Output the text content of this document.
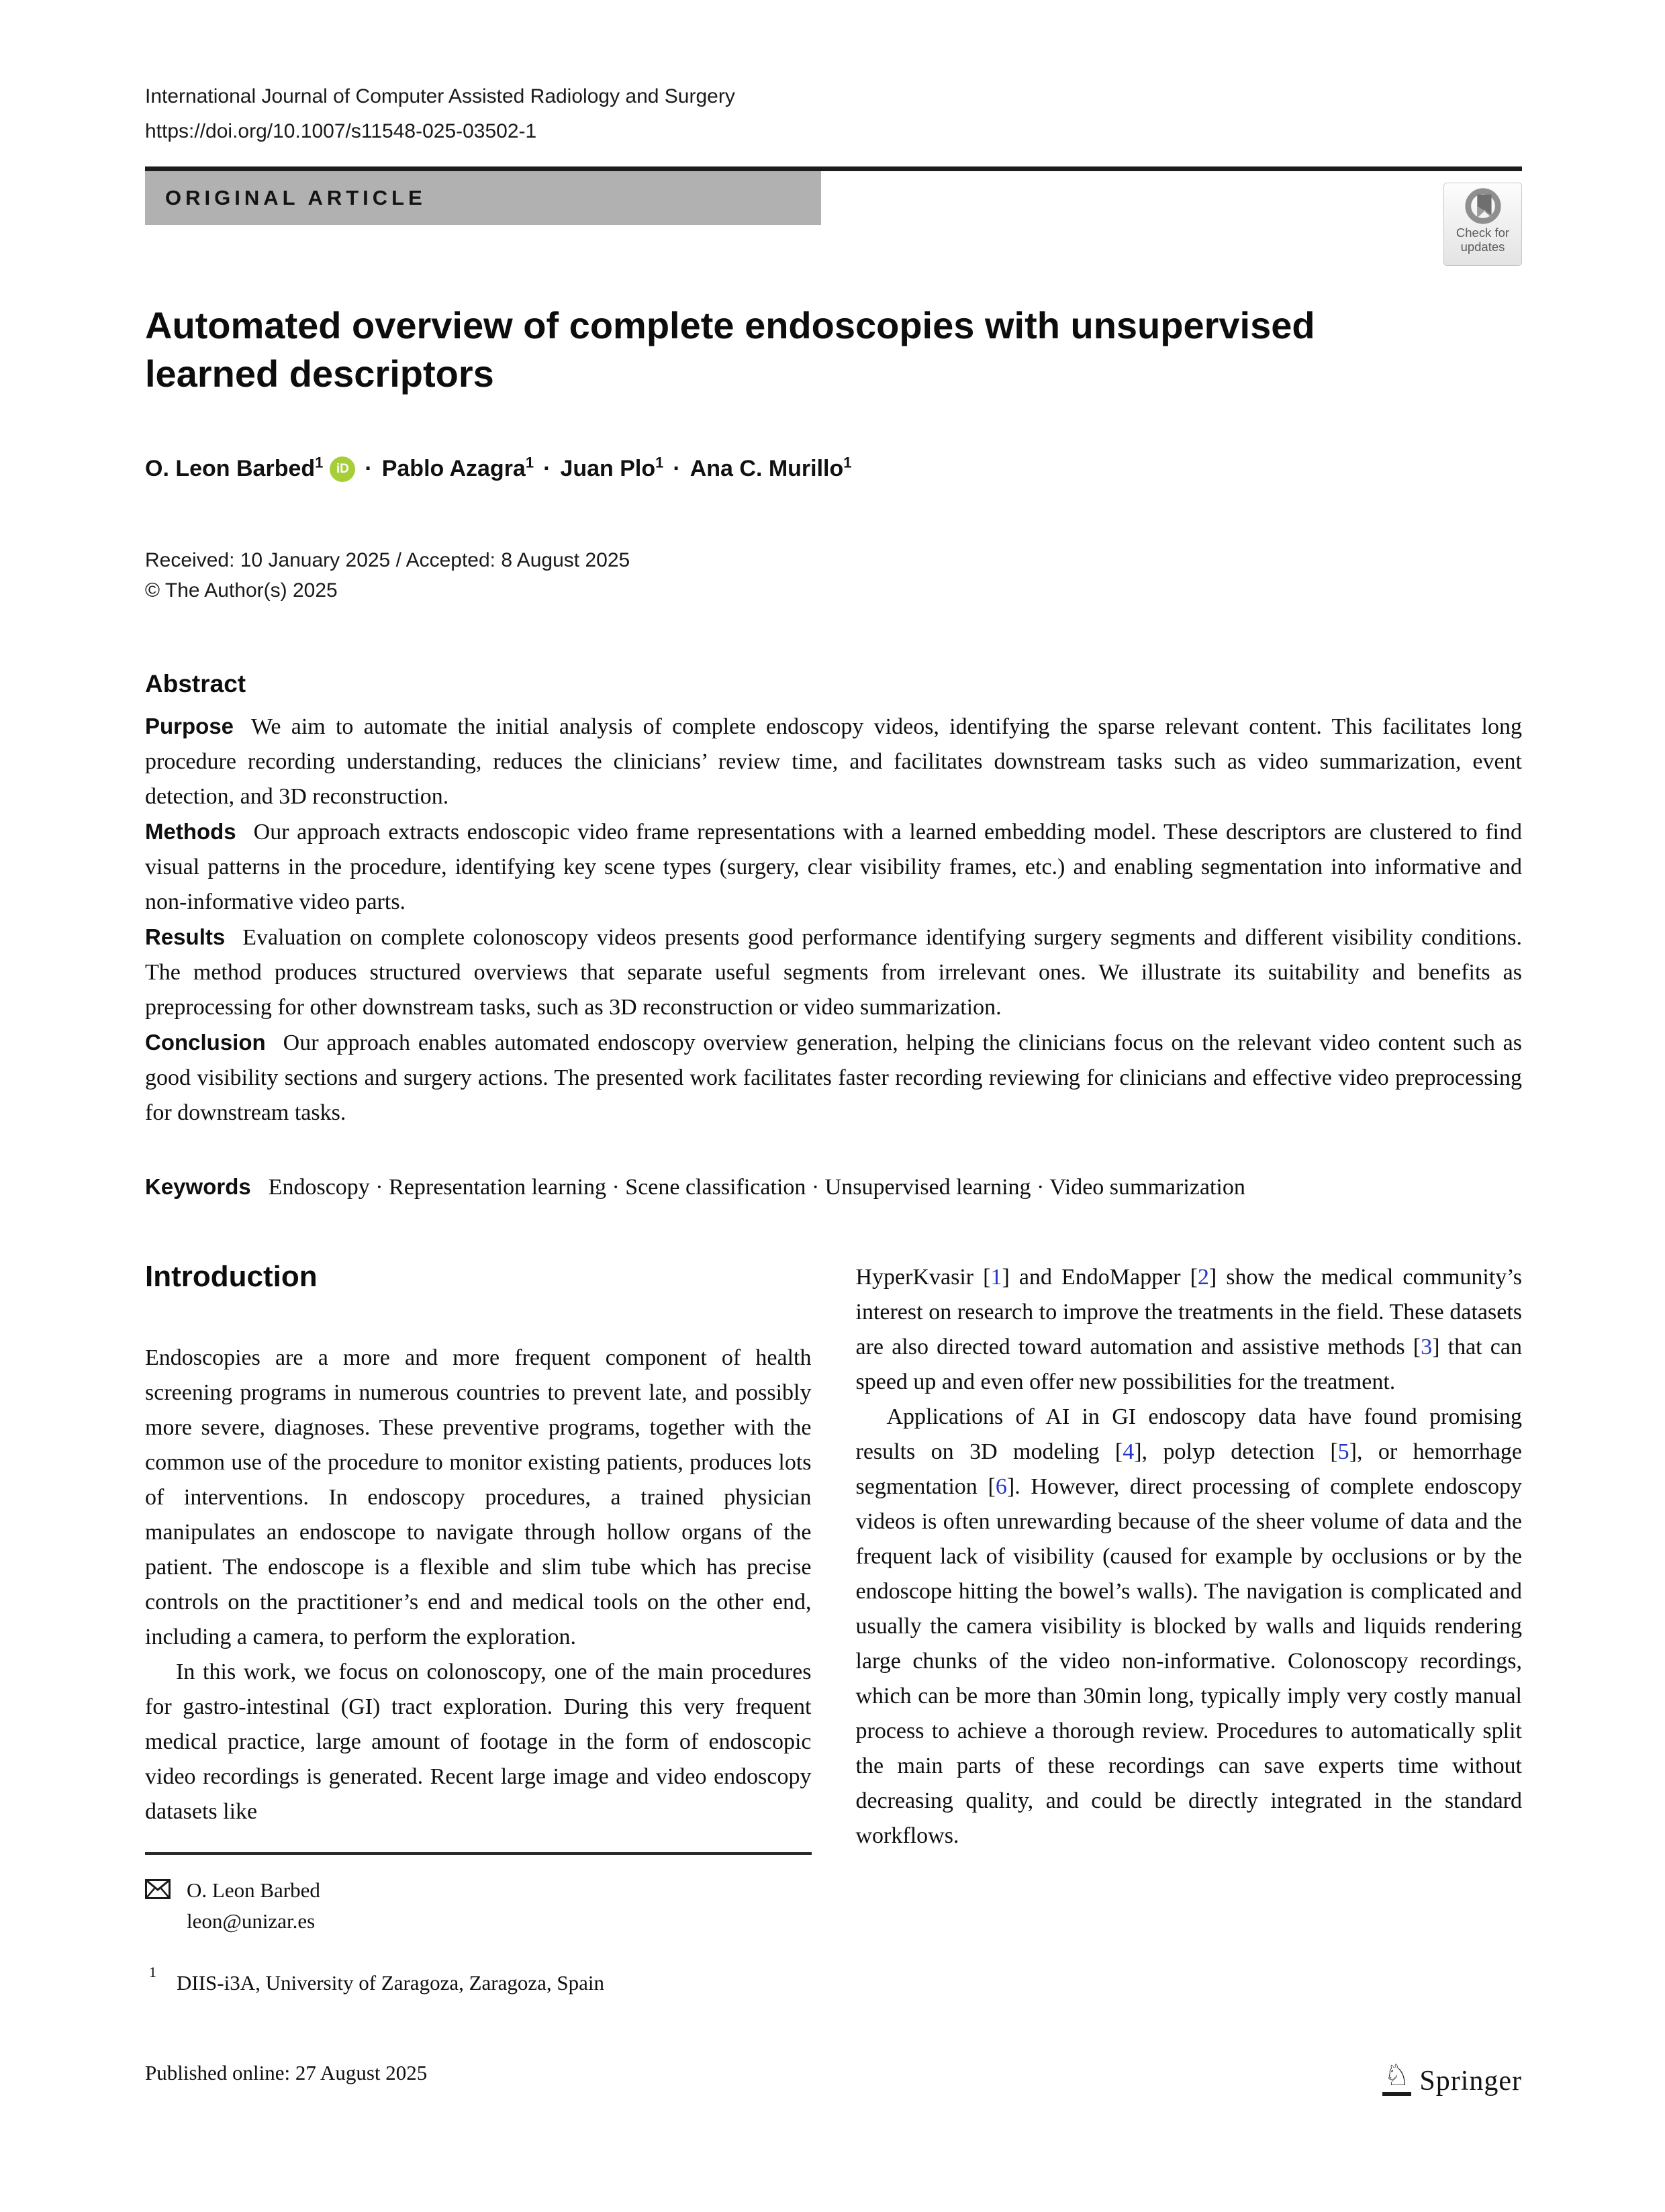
International Journal of Computer Assisted Radiology and Surgery
https://doi.org/10.1007/s11548-025-03502-1
ORIGINAL ARTICLE
Check for
updates
Automated overview of complete endoscopies with unsupervised learned descriptors
O. Leon Barbed$^1$	iD · Pablo Azagra$^1$ · Juan Plo$^1$ · Ana C. Murillo$^1$
Received: 10 January 2025 / Accepted: 8 August 2025
© The Author(s) 2025
Abstract

Purpose We aim to automate the initial analysis of complete endoscopy videos, identifying the sparse relevant content. This facilitates long procedure recording understanding, reduces the clinicians’ review time, and facilitates downstream tasks such as video summarization, event detection, and 3D reconstruction.

Methods Our approach extracts endoscopic video frame representations with a learned embedding model. These descriptors are clustered to find visual patterns in the procedure, identifying key scene types (surgery, clear visibility frames, etc.) and enabling segmentation into informative and non-informative video parts.

Results Evaluation on complete colonoscopy videos presents good performance identifying surgery segments and different visibility conditions. The method produces structured overviews that separate useful segments from irrelevant ones. We illustrate its suitability and benefits as preprocessing for other downstream tasks, such as 3D reconstruction or video summarization.

Conclusion Our approach enables automated endoscopy overview generation, helping the clinicians focus on the relevant video content such as good visibility sections and surgery actions. The presented work facilitates faster recording reviewing for clinicians and effective video preprocessing for downstream tasks.

Keywords Endoscopy · Representation learning · Scene classification · Unsupervised learning · Video summarization
Introduction

Endoscopies are a more and more frequent component of health screening programs in numerous countries to prevent late, and possibly more severe, diagnoses. These preventive programs, together with the common use of the procedure to monitor existing patients, produces lots of interventions. In endoscopy procedures, a trained physician manipulates an endoscope to navigate through hollow organs of the patient. The endoscope is a flexible and slim tube which has precise controls on the practitioner’s end and medical tools on the other end, including a camera, to perform the exploration.

In this work, we focus on colonoscopy, one of the main procedures for gastro-intestinal (GI) tract exploration. During this very frequent medical practice, large amount of footage in the form of endoscopic video recordings is generated. Recent large image and video endoscopy datasets like

O. Leon Barbed
leon@unizar.es
1 DIIS-i3A, University of Zaragoza, Zaragoza, Spain

HyperKvasir [1] and EndoMapper [2] show the medical community’s interest on research to improve the treatments in the field. These datasets are also directed toward automation and assistive methods [3] that can speed up and even offer new possibilities for the treatment.

Applications of AI in GI endoscopy data have found promising results on 3D modeling [4], polyp detection [5], or hemorrhage segmentation [6]. However, direct processing of complete endoscopy videos is often unrewarding because of the sheer volume of data and the frequent lack of visibility (caused for example by occlusions or by the endoscope hitting the bowel’s walls). The navigation is complicated and usually the camera visibility is blocked by walls and liquids rendering large chunks of the video non-informative. Colonoscopy recordings, which can be more than 30min long, typically imply very costly manual process to achieve a thorough review. Procedures to automatically split the main parts of these recordings can save experts time without decreasing quality, and could be directly integrated in the standard workflows.

Published online: 27 August 2025	♘ Springer
